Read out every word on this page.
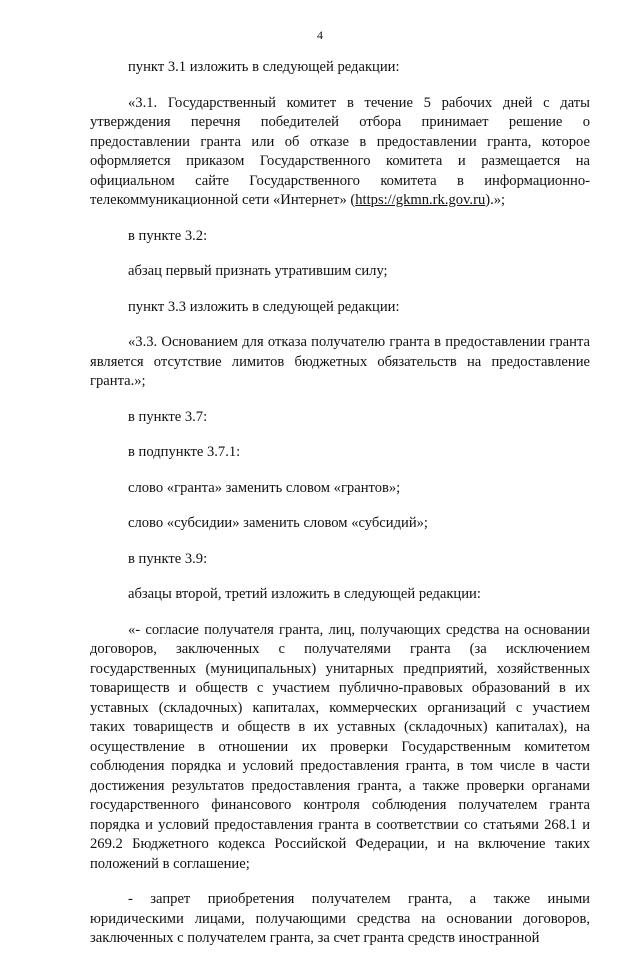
4

пункт 3.1 изложить в следующей редакции:

«3.1. Государственный комитет в течение 5 рабочих дней с даты утверждения перечня победителей отбора принимает решение о предоставлении гранта или об отказе в предоставлении гранта, которое оформляется приказом Государственного комитета и размещается на официальном сайте Государственного комитета в информационно-телекоммуникационной сети «Интернет» (https://gkmn.rk.gov.ru).»;

в пункте 3.2:

абзац первый признать утратившим силу;

пункт 3.3 изложить в следующей редакции:

«3.3. Основанием для отказа получателю гранта в предоставлении гранта является отсутствие лимитов бюджетных обязательств на предоставление гранта.»;

в пункте 3.7:

в подпункте 3.7.1:

слово «гранта» заменить словом «грантов»;

слово «субсидии» заменить словом «субсидий»;

в пункте 3.9:

абзацы второй, третий изложить в следующей редакции:

«- согласие получателя гранта, лиц, получающих средства на основании договоров, заключенных с получателями гранта (за исключением государственных (муниципальных) унитарных предприятий, хозяйственных товариществ и обществ с участием публично-правовых образований в их уставных (складочных) капиталах, коммерческих организаций с участием таких товариществ и обществ в их уставных (складочных) капиталах), на осуществление в отношении их проверки Государственным комитетом соблюдения порядка и условий предоставления гранта, в том числе в части достижения результатов предоставления гранта, а также проверки органами государственного финансового контроля соблюдения получателем гранта порядка и условий предоставления гранта в соответствии со статьями 268.1 и 269.2 Бюджетного кодекса Российской Федерации, и на включение таких положений в соглашение;

- запрет приобретения получателем гранта, а также иными юридическими лицами, получающими средства на основании договоров, заключенных с получателем гранта, за счет гранта средств иностранной
